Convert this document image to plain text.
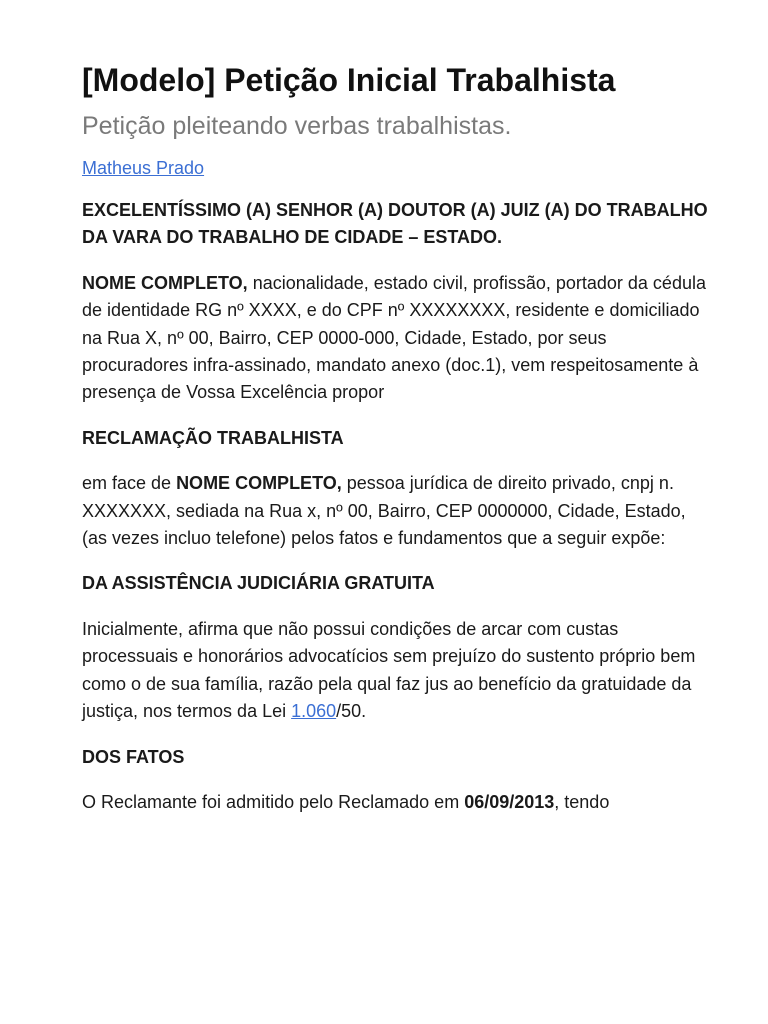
[Modelo] Petição Inicial Trabalhista
Petição pleiteando verbas trabalhistas.
Matheus Prado

EXCELENTÍSSIMO (A) SENHOR (A) DOUTOR (A) JUIZ (A) DO TRABALHO DA VARA DO TRABALHO DE CIDADE – ESTADO.

NOME COMPLETO, nacionalidade, estado civil, profissão, portador da cédula de identidade RG nº XXXX, e do CPF nº XXXXXXXX, residente e domiciliado na Rua X, nº 00, Bairro, CEP 0000-000, Cidade, Estado, por seus procuradores infra-assinado, mandato anexo (doc.1), vem respeitosamente à presença de Vossa Excelência propor

RECLAMAÇÃO TRABALHISTA

em face de NOME COMPLETO, pessoa jurídica de direito privado, cnpj n. XXXXXXX, sediada na Rua x, nº 00, Bairro, CEP 0000000, Cidade, Estado, (as vezes incluo telefone) pelos fatos e fundamentos que a seguir expõe:

DA ASSISTÊNCIA JUDICIÁRIA GRATUITA

Inicialmente, afirma que não possui condições de arcar com custas processuais e honorários advocatícios sem prejuízo do sustento próprio bem como o de sua família, razão pela qual faz jus ao benefício da gratuidade da justiça, nos termos da Lei 1.060/50.

DOS FATOS

O Reclamante foi admitido pelo Reclamado em 06/09/2013, tendo
